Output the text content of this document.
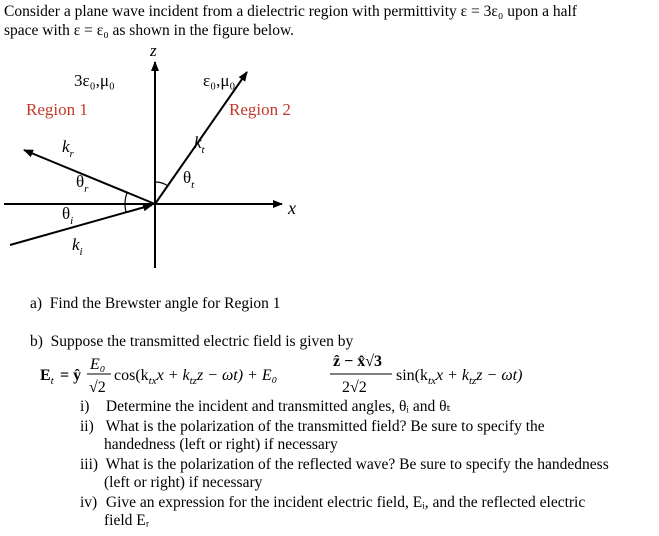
Consider a plane wave incident from a dielectric region with permittivity ε = 3ε₀ upon a half
space with ε = ε₀ as shown in the figure below.
z
x
3ε₀,μ₀	ε₀,μ₀
Region 1	Region 2
$k_r$
$\theta_r$
$\theta_i$
$k_i$
$k_t$
$\theta_t$
a) Find the Brewster angle for Region 1
b) Suppose the transmitted electric field is given by
$E_t$ = ŷ
E₀
√2
$\cos(k_{tx}x + k_{tz}z - \omega t) + E_0$
ẑ − x̂√3
2√2
$\sin(k_{tx}x + k_{tz}z - \omega t)$
i) Determine the incident and transmitted angles, θᵢ and θₜ
ii) What is the polarization of the transmitted field? Be sure to specify the
handedness (left or right) if necessary
iii) What is the polarization of the reflected wave? Be sure to specify the handedness
(left or right) if necessary
iv) Give an expression for the incident electric field, Eᵢ, and the reflected electric
field Eᵣ
